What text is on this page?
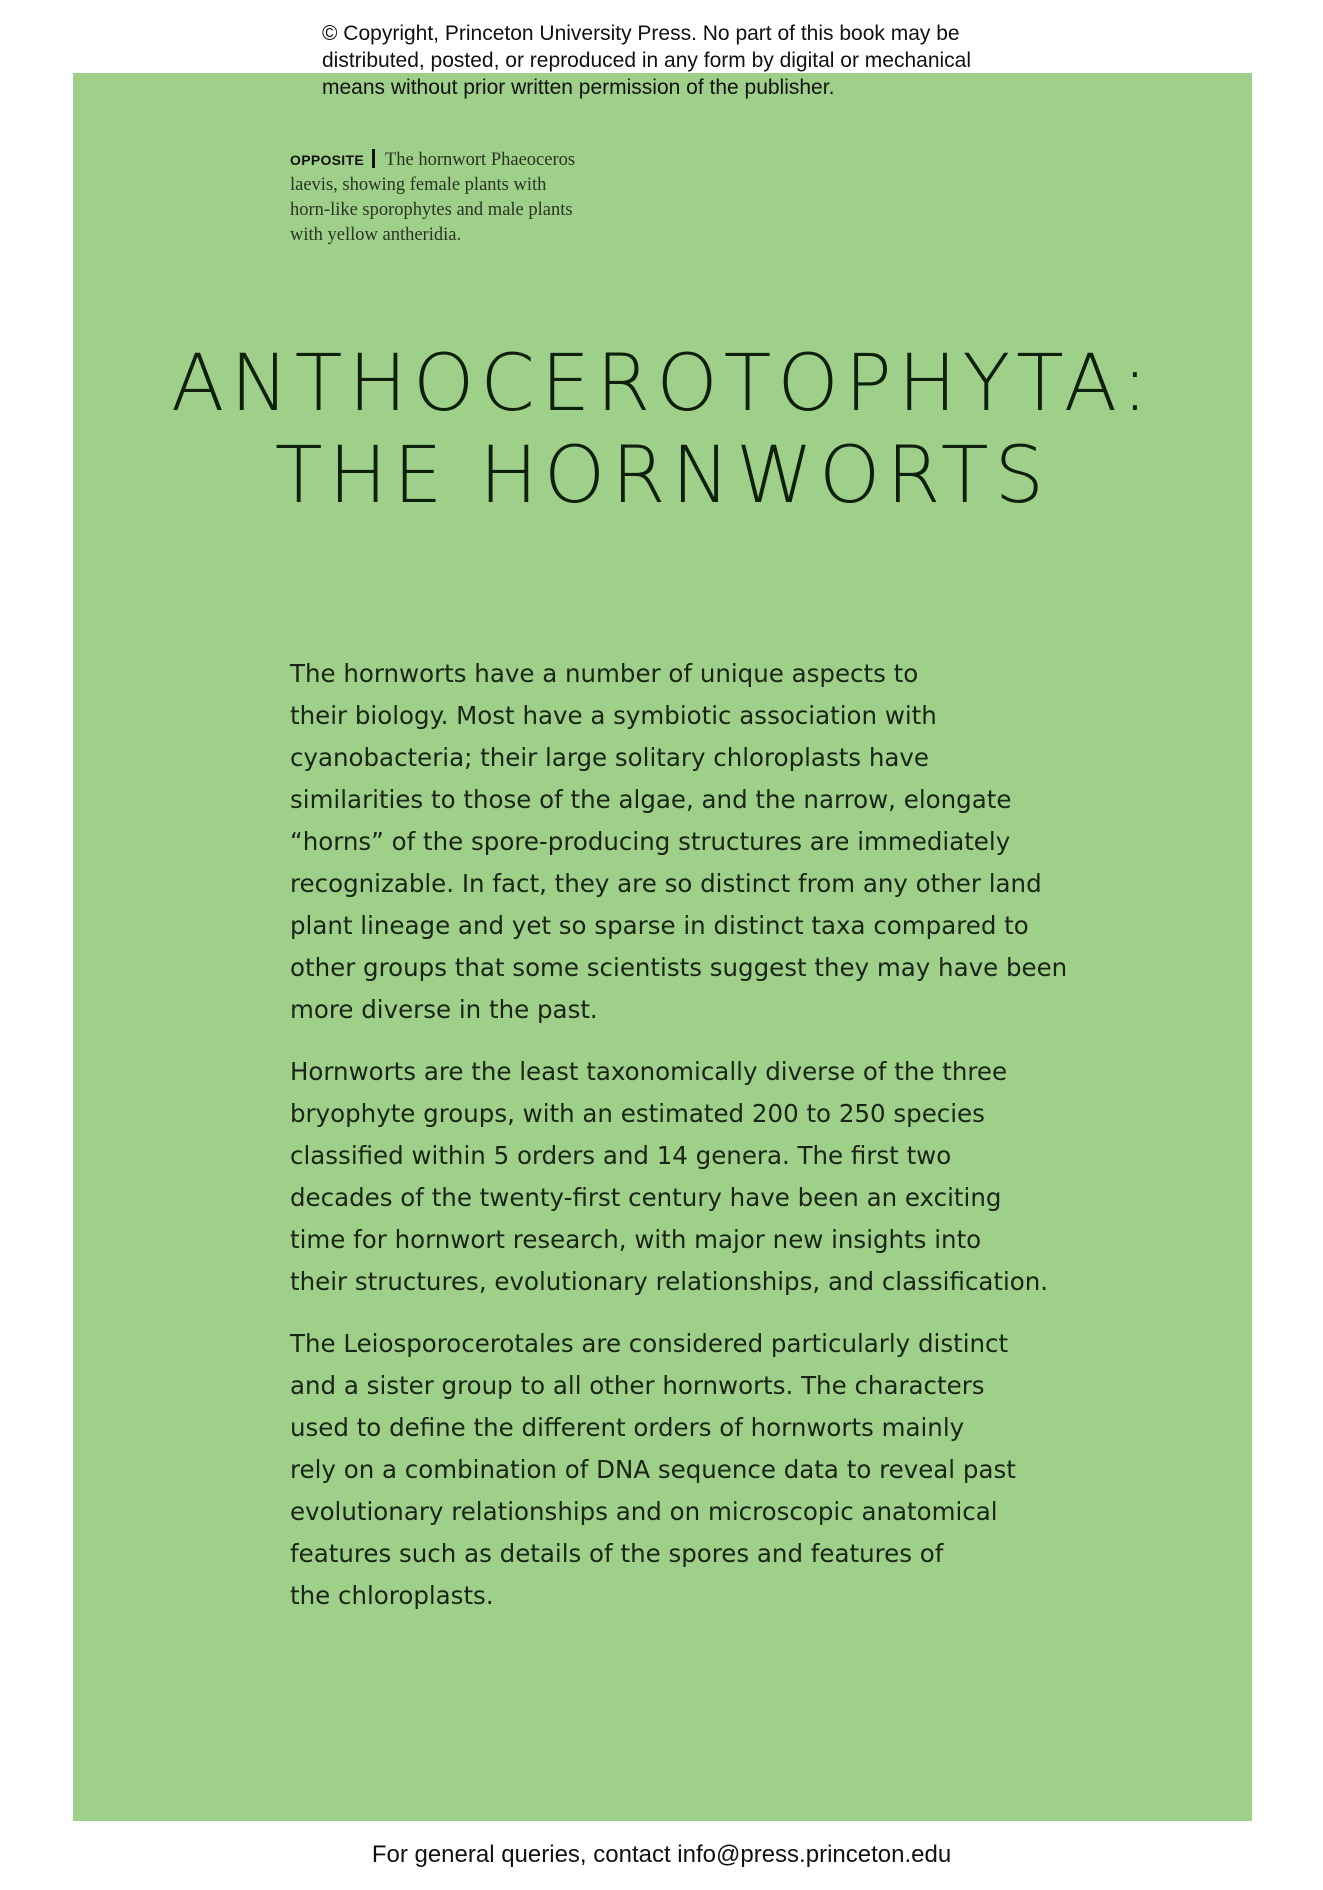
© Copyright, Princeton University Press. No part of this book may be
distributed, posted, or reproduced in any form by digital or mechanical
means without prior written permission of the publisher.
OPPOSITE The hornwort Phaeoceros
laevis, showing female plants with
horn-like sporophytes and male plants
with yellow antheridia.
ANTHOCEROTOPHYTA:
THE HORNWORTS

The hornworts have a number of unique aspects to
their biology. Most have a symbiotic association with
cyanobacteria; their large solitary chloroplasts have
similarities to those of the algae, and the narrow, elongate
“horns” of the spore-producing structures are immediately
recognizable. In fact, they are so distinct from any other land
plant lineage and yet so sparse in distinct taxa compared to
other groups that some scientists suggest they may have been
more diverse in the past.

Hornworts are the least taxonomically diverse of the three
bryophyte groups, with an estimated 200 to 250 species
classified within 5 orders and 14 genera. The first two
decades of the twenty-first century have been an exciting
time for hornwort research, with major new insights into
their structures, evolutionary relationships, and classification.

The Leiosporocerotales are considered particularly distinct
and a sister group to all other hornworts. The characters
used to define the different orders of hornworts mainly
rely on a combination of DNA sequence data to reveal past
evolutionary relationships and on microscopic anatomical
features such as details of the spores and features of
the chloroplasts.

For general queries, contact info@press.princeton.edu
